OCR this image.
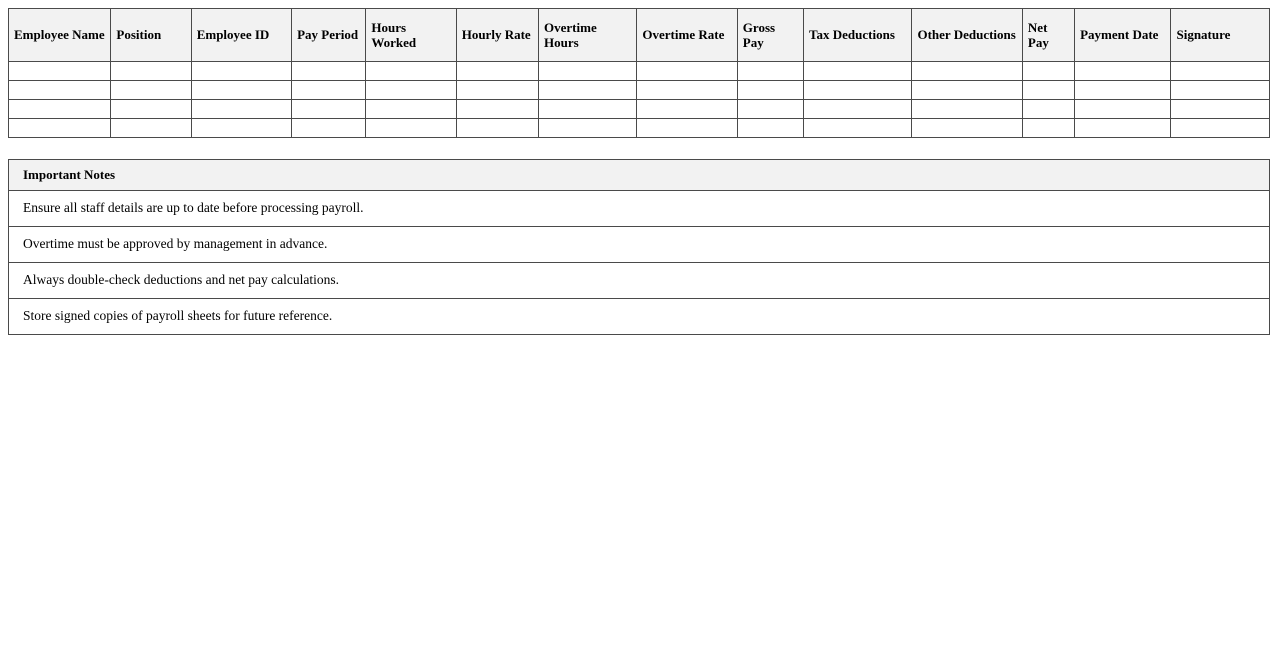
Employee Name	Position	Employee ID	Pay Period	Hours Worked	Hourly Rate	Overtime Hours	Overtime Rate	Gross Pay	Tax Deductions	Other Deductions	Net Pay	Payment Date	Signature

Important Notes
Ensure all staff details are up to date before processing payroll.
Overtime must be approved by management in advance.
Always double-check deductions and net pay calculations.
Store signed copies of payroll sheets for future reference.
